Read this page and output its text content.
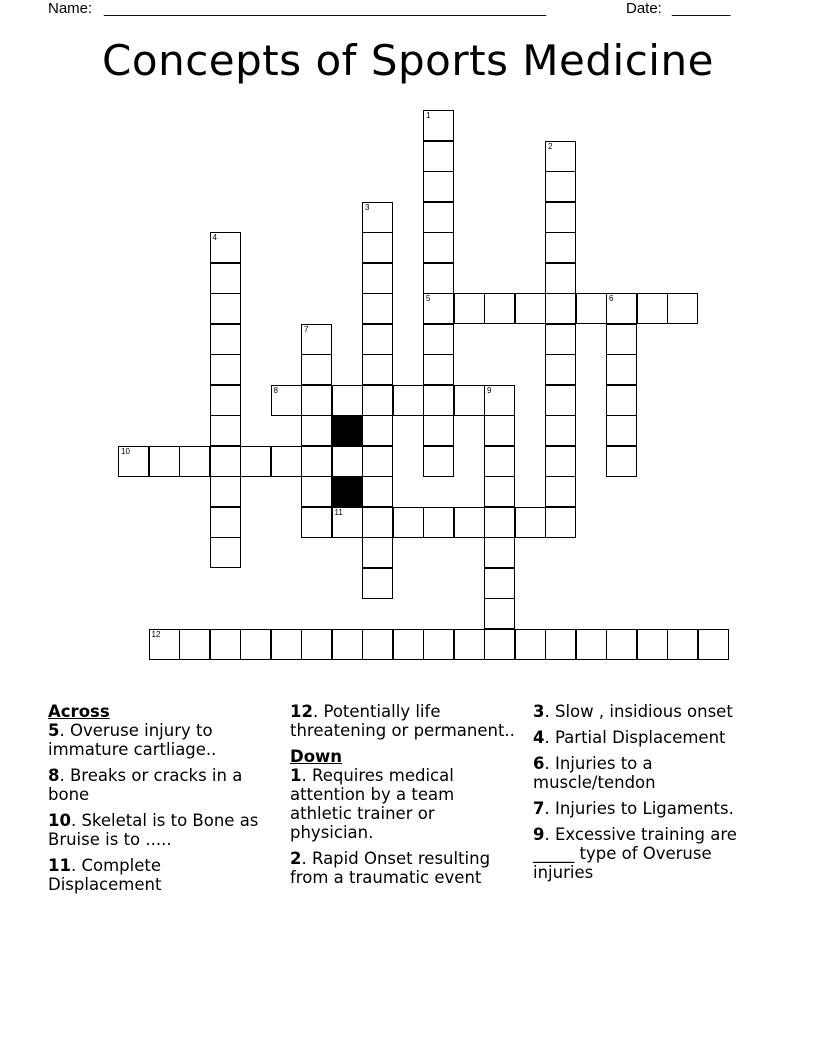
Name: _____________________________________________________	Date: _______
Concepts of Sports Medicine
1
5
2
3
4
6
7
8	9
10
11
12
Across
5. Overuse injury to immature cartliage..
8. Breaks or cracks in a bone
10. Skeletal is to Bone as Bruise is to .....
11. Complete Displacement
12. Potentially life threatening or permanent..
Down
1. Requires medical attention by a team athletic trainer or physician.
2. Rapid Onset resulting from a traumatic event
3. Slow , insidious onset
4. Partial Displacement
6. Injuries to a muscle/tendon
7. Injuries to Ligaments.
9. Excessive training are _____ type of Overuse injuries
